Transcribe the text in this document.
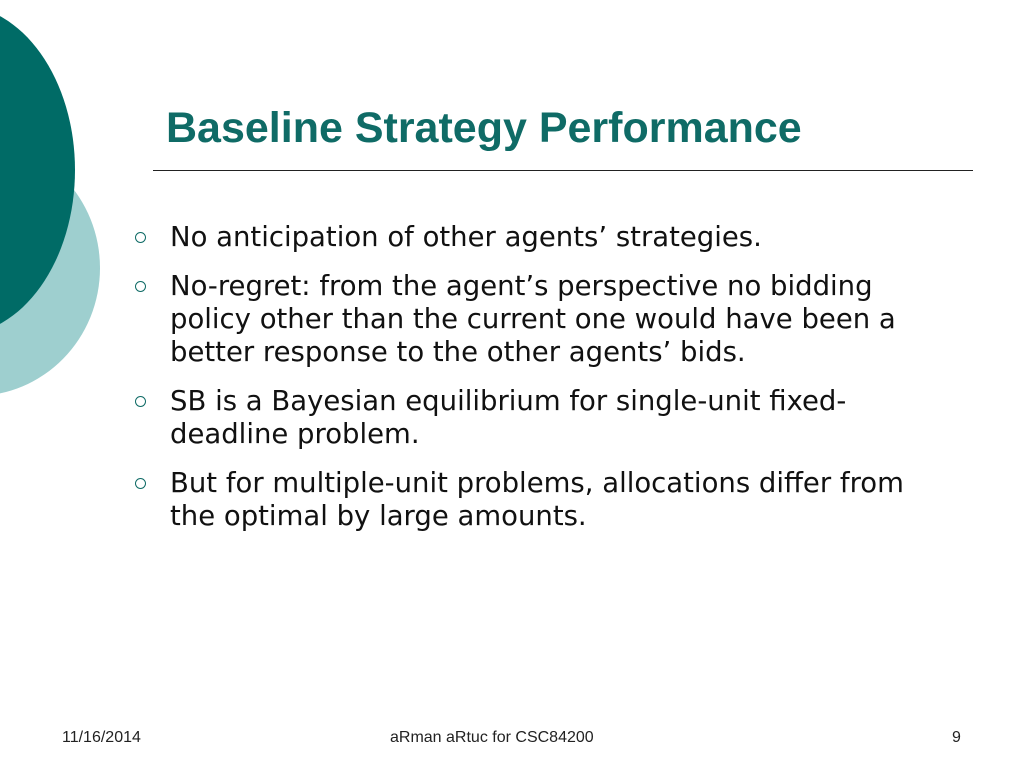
Baseline Strategy Performance
No anticipation of other agents’ strategies.
No-regret: from the agent’s perspective no bidding policy other than the current one would have been a better response to the other agents’ bids.
SB is a Bayesian equilibrium for single-unit fixed-deadline problem.
But for multiple-unit problems, allocations differ from the optimal by large amounts.
11/16/2014	aRman aRtuc for CSC84200	9
